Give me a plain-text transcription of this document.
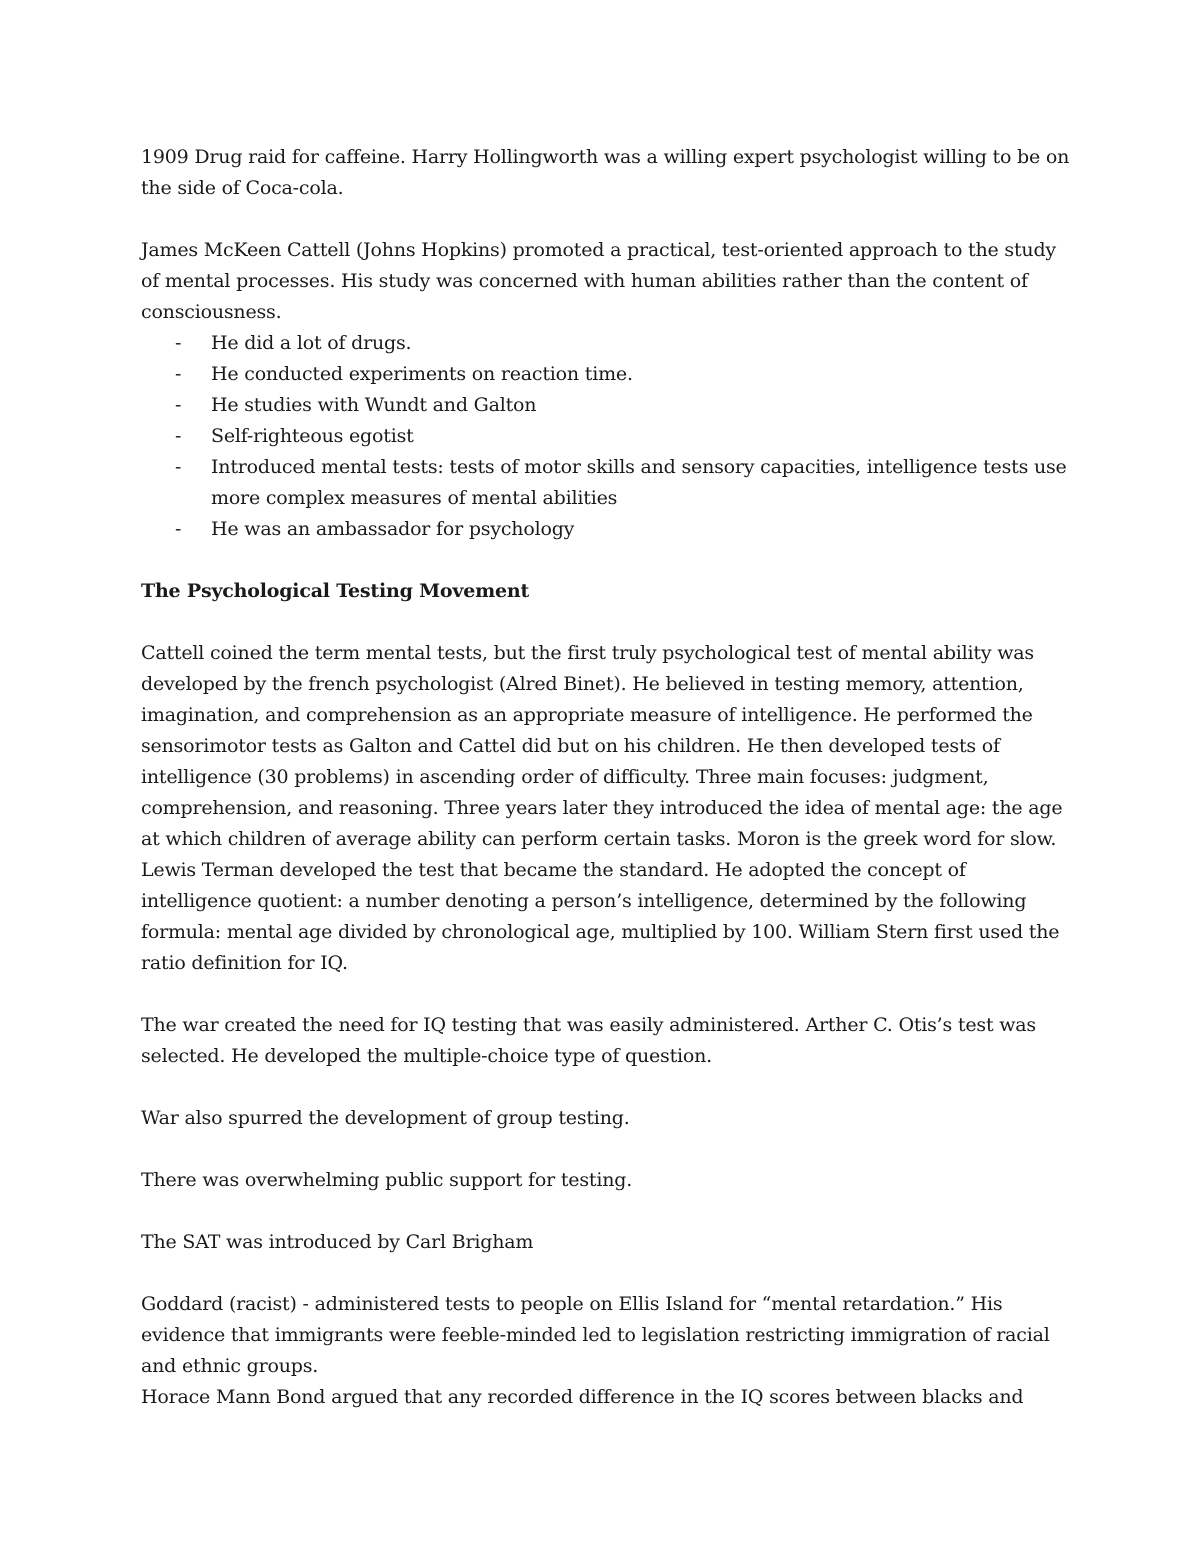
1909 Drug raid for caffeine. Harry Hollingworth was a willing expert psychologist willing to be on the side of Coca-cola.

James McKeen Cattell (Johns Hopkins) promoted a practical, test-oriented approach to the study of mental processes. His study was concerned with human abilities rather than the content of consciousness.

- He did a lot of drugs.
- He conducted experiments on reaction time.
- He studies with Wundt and Galton
- Self-righteous egotist
- Introduced mental tests: tests of motor skills and sensory capacities, intelligence tests use more complex measures of mental abilities
- He was an ambassador for psychology
The Psychological Testing Movement

Cattell coined the term mental tests, but the first truly psychological test of mental ability was developed by the french psychologist (Alred Binet). He believed in testing memory, attention, imagination, and comprehension as an appropriate measure of intelligence. He performed the sensorimotor tests as Galton and Cattel did but on his children. He then developed tests of intelligence (30 problems) in ascending order of difficulty. Three main focuses: judgment, comprehension, and reasoning. Three years later they introduced the idea of mental age: the age at which children of average ability can perform certain tasks. Moron is the greek word for slow. Lewis Terman developed the test that became the standard. He adopted the concept of intelligence quotient: a number denoting a person’s intelligence, determined by the following formula: mental age divided by chronological age, multiplied by 100. William Stern first used the ratio definition for IQ.

The war created the need for IQ testing that was easily administered. Arther C. Otis’s test was selected. He developed the multiple-choice type of question.

War also spurred the development of group testing.

There was overwhelming public support for testing.

The SAT was introduced by Carl Brigham

Goddard (racist) - administered tests to people on Ellis Island for “mental retardation.” His evidence that immigrants were feeble-minded led to legislation restricting immigration of racial and ethnic groups.

Horace Mann Bond argued that any recorded difference in the IQ scores between blacks and
